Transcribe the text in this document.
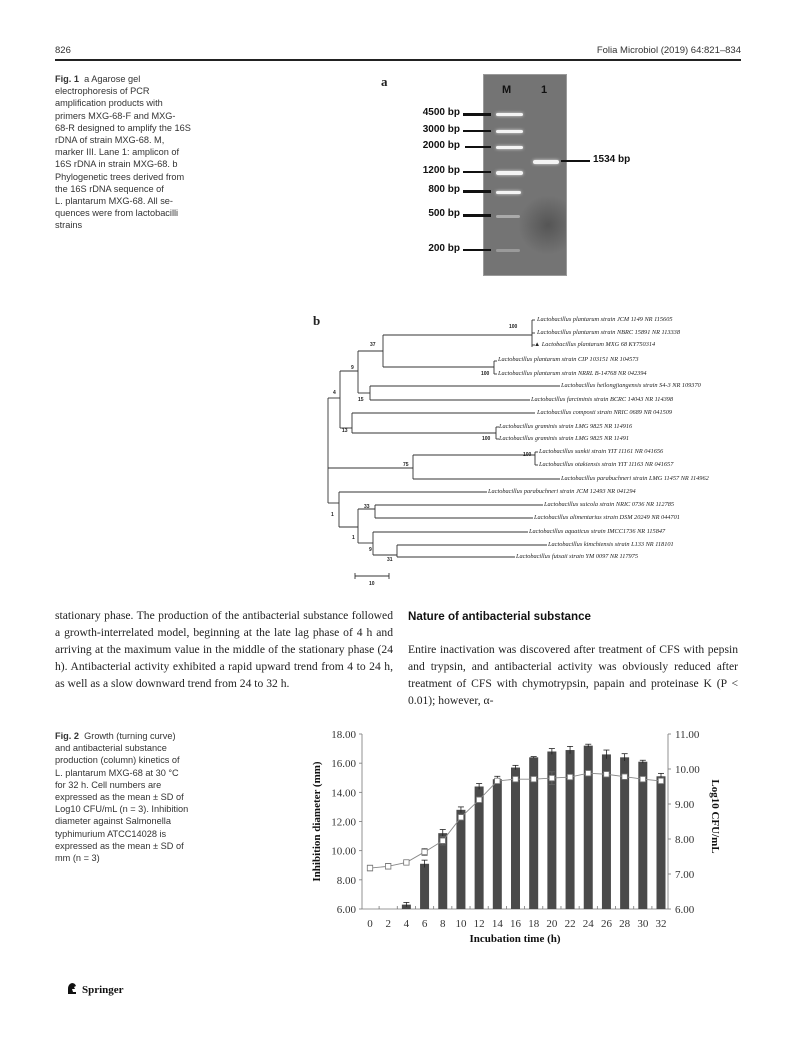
826	Folia Microbiol (2019) 64:821–834
Fig. 1 a Agarose gel
electrophoresis of PCR
amplification products with
primers MXG-68-F and MXG-
68-R designed to amplify the 16S
rDNA of strain MXG-68. M,
marker III. Lane 1: amplicon of
16S rDNA in strain MXG-68. b
Phylogenetic trees derived from
the 16S rDNA sequence of
L. plantarum MXG-68. All se-
quences were from lactobacilli
strains
a
M	1
4500 bp
3000 bp
2000 bp
1200 bp
800 bp
500 bp
200 bp
1534 bp
b	Lactobacillus plantarum strain JCM 1149 NR 115605
Lactobacillus plantarum strain NBRC 15891 NR 113338
▲ Lactobacillus plantarum MXG 68 KY750314
Lactobacillus plantarum strain CIP 103151 NR 104573
Lactobacillus plantarum strain NRRL B-14768 NR 042394
Lactobacillus heilongjiangensis strain S4-3 NR 109370
Lactobacillus farciminis strain BCRC 14043 NR 114398
Lactobacillus composti strain NRIC 0689 NR 041509
Lactobacillus graminis strain LMG 9825 NR 114916
Lactobacillus graminis strain LMG 9825 NR 11491
Lactobacillus sunkii strain YIT 11161 NR 041656
Lactobacillus otakiensis strain YIT 11163 NR 041657
Lactobacillus parabuchneri strain LMG 11457 NR 114962
Lactobacillus parabuchneri strain JCM 12493 NR 041294
Lactobacillus suicola strain NRIC 0736 NR 112785
Lactobacillus alimentarius strain DSM 20249 NR 044701
Lactobacillus aquaticus strain IMCC1736 NR 115847
Lactobacillus kimchiensis strain L133 NR 118101
Lactobacillus futsaii strain YM 0097 NR 117975
100
37
9
100
15
4
13
100
100
75
1
33
1
9
31
10
stationary phase. The production of the antibacterial substance followed a growth-interrelated model, beginning at the late lag phase of 4 h and arriving at the maximum value in the middle of the stationary phase (24 h). Antibacterial activity exhibited a rapid upward trend from 4 to 24 h, as well as a slow downward trend from 24 to 32 h.
Nature of antibacterial substance
Entire inactivation was discovered after treatment of CFS with pepsin and trypsin, and antibacterial activity was obviously reduced after treatment of CFS with chymotrypsin, papain and proteinase K (P < 0.01); however, α-
Fig. 2 Growth (turning curve)
and antibacterial substance
production (column) kinetics of
L. plantarum MXG-68 at 30 °C
for 32 h. Cell numbers are
expressed as the mean ± SD of
Log10 CFU/mL (n = 3). Inhibition
diameter against Salmonella
typhimurium ATCC14028 is
expressed as the mean ± SD of
mm (n = 3)
6.00
8.00
10.00
12.00
14.00
16.00
18.00
6.00
7.00
8.00
9.00
10.00
11.00
0 2 4 6 8 10 12 14 16 18 20 22 24 26 28 30 32
Incubation time (h)
Inhibition diameter (mm)	Log10 CFU/mL
Springer
